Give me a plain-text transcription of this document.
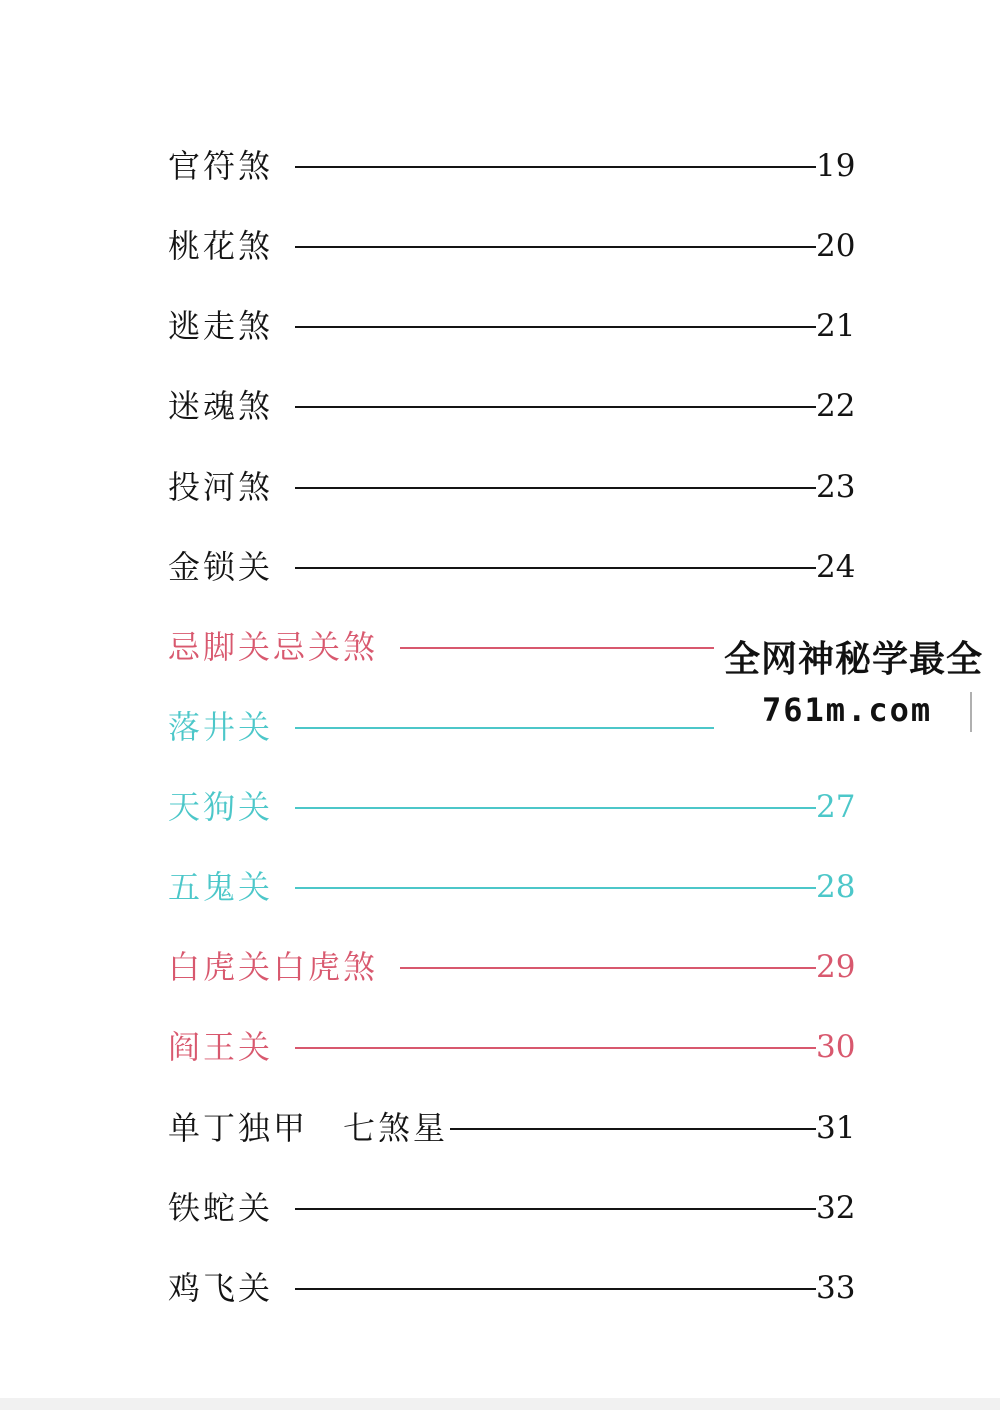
官符煞	19
桃花煞	20
逃走煞	21
迷魂煞	22
投河煞	23
金锁关	24
忌脚关忌关煞
落井关
天狗关	27
五鬼关	28
白虎关白虎煞	29
阎王关	30
单丁独甲　七煞星	31
铁蛇关	32
鸡飞关	33
全网神秘学最全
761m.com
